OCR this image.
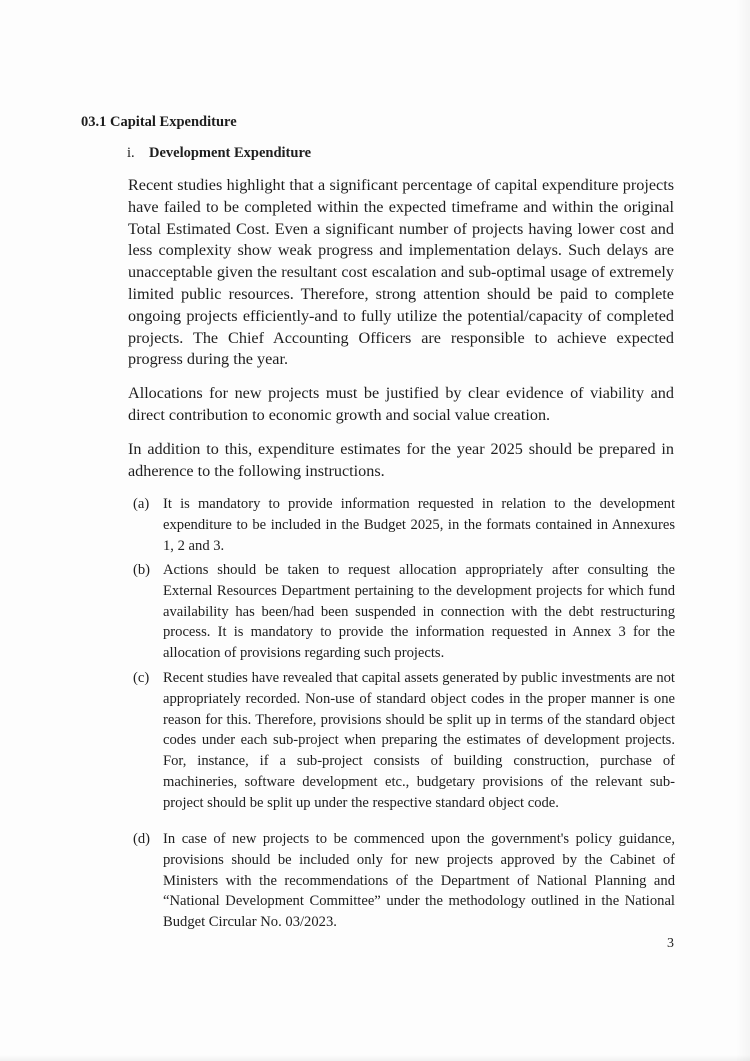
03.1 Capital Expenditure
i. Development Expenditure

Recent studies highlight that a significant percentage of capital expenditure projects have failed to be completed within the expected timeframe and within the original Total Estimated Cost. Even a significant number of projects having lower cost and less complexity show weak progress and implementation delays. Such delays are unacceptable given the resultant cost escalation and sub-optimal usage of extremely limited public resources. Therefore, strong attention should be paid to complete ongoing projects efficiently-and to fully utilize the potential/capacity of completed projects. The Chief Accounting Officers are responsible to achieve expected progress during the year.

Allocations for new projects must be justified by clear evidence of viability and direct contribution to economic growth and social value creation.

In addition to this, expenditure estimates for the year 2025 should be prepared in adherence to the following instructions.

(a) It is mandatory to provide information requested in relation to the development expenditure to be included in the Budget 2025, in the formats contained in Annexures 1, 2 and 3.
(b) Actions should be taken to request allocation appropriately after consulting the External Resources Department pertaining to the development projects for which fund availability has been/had been suspended in connection with the debt restructuring process. It is mandatory to provide the information requested in Annex 3 for the allocation of provisions regarding such projects.
(c) Recent studies have revealed that capital assets generated by public investments are not appropriately recorded. Non-use of standard object codes in the proper manner is one reason for this. Therefore, provisions should be split up in terms of the standard object codes under each sub-project when preparing the estimates of development projects. For, instance, if a sub-project consists of building construction, purchase of machineries, software development etc., budgetary provisions of the relevant sub-project should be split up under the respective standard object code.
(d) In case of new projects to be commenced upon the government's policy guidance, provisions should be included only for new projects approved by the Cabinet of Ministers with the recommendations of the Department of National Planning and “National Development Committee” under the methodology outlined in the National Budget Circular No. 03/2023.
3
